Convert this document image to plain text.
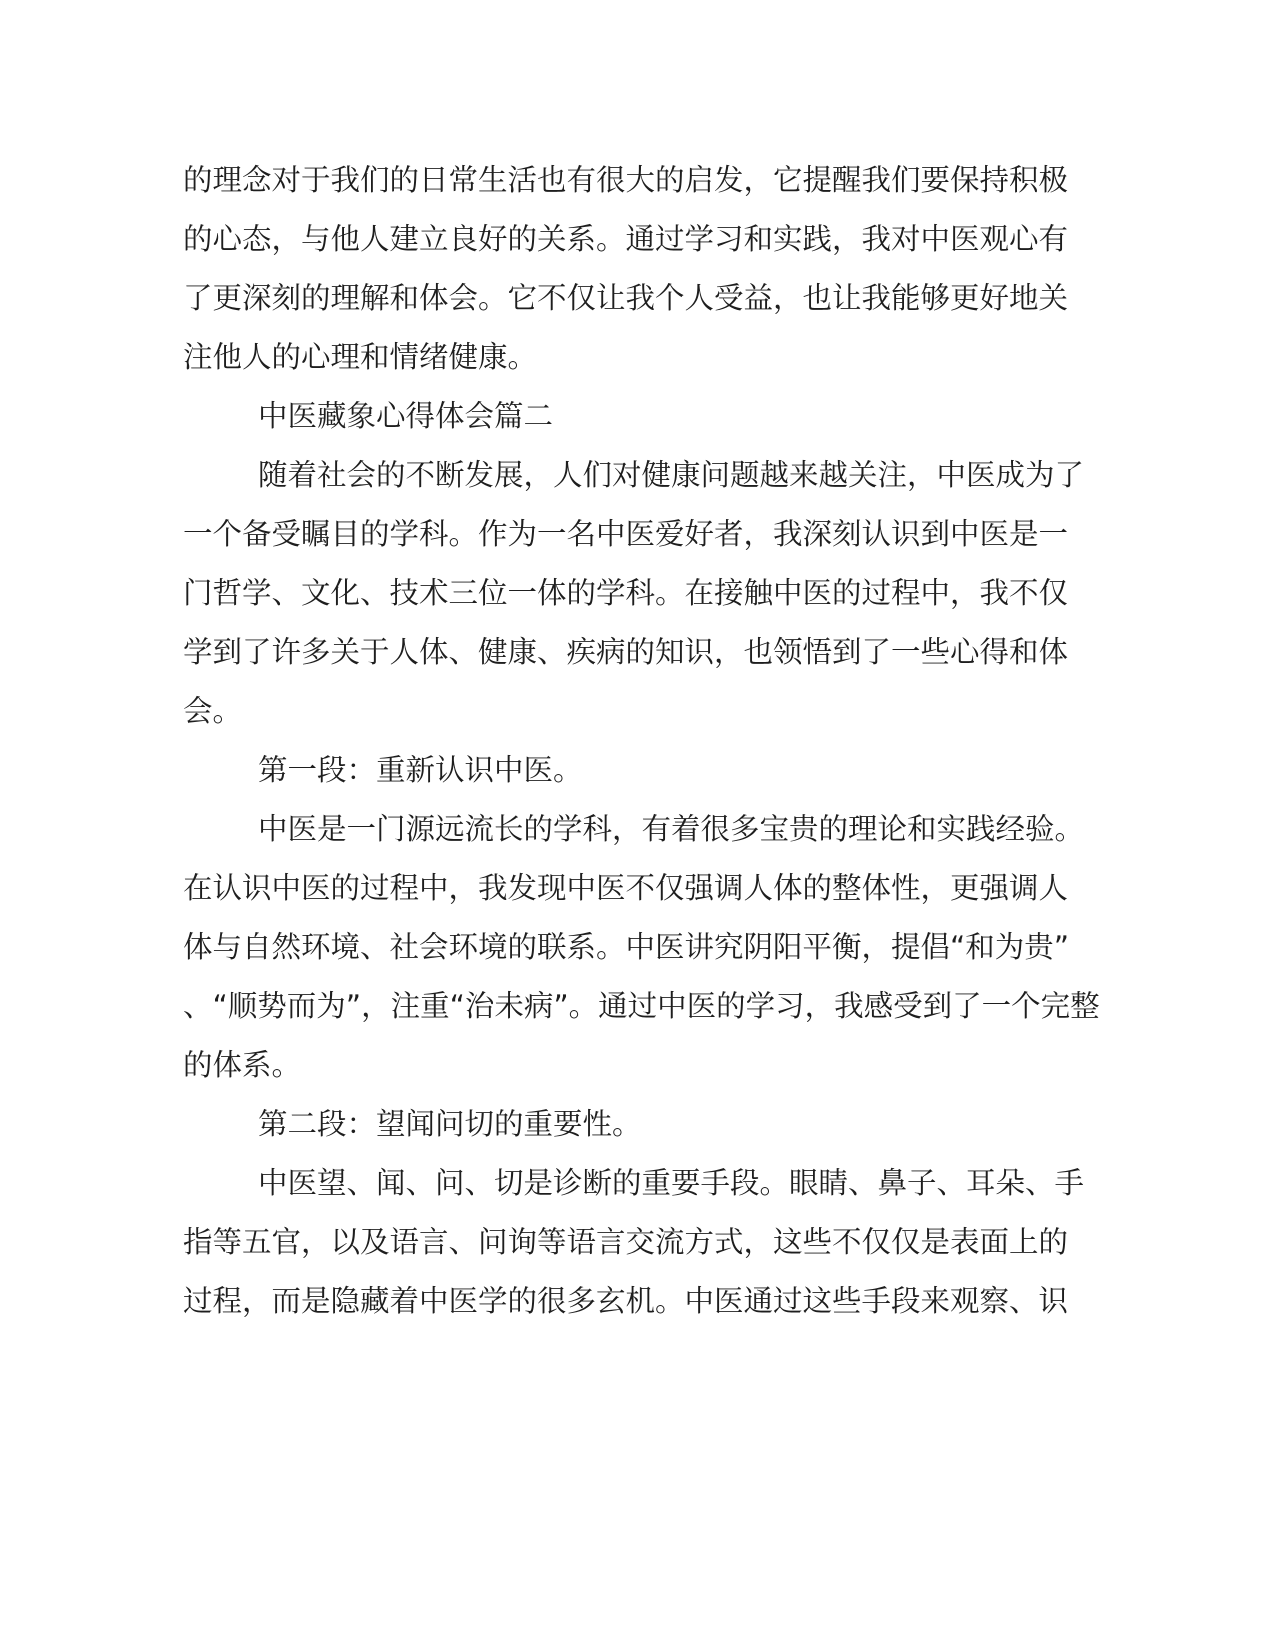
的理念对于我们的日常生活也有很大的启发，它提醒我们要保持积极
的心态，与他人建立良好的关系。通过学习和实践，我对中医观心有
了更深刻的理解和体会。它不仅让我个人受益，也让我能够更好地关
注他人的心理和情绪健康。
中医藏象心得体会篇二
随着社会的不断发展，人们对健康问题越来越关注，中医成为了
一个备受瞩目的学科。作为一名中医爱好者，我深刻认识到中医是一
门哲学、文化、技术三位一体的学科。在接触中医的过程中，我不仅
学到了许多关于人体、健康、疾病的知识，也领悟到了一些心得和体
会。
第一段：重新认识中医。
中医是一门源远流长的学科，有着很多宝贵的理论和实践经验。
在认识中医的过程中，我发现中医不仅强调人体的整体性，更强调人
体与自然环境、社会环境的联系。中医讲究阴阳平衡，提倡“和为贵”
、“顺势而为”，注重“治未病”。通过中医的学习，我感受到了一个完整
的体系。
第二段：望闻问切的重要性。
中医望、闻、问、切是诊断的重要手段。眼睛、鼻子、耳朵、手
指等五官，以及语言、问询等语言交流方式，这些不仅仅是表面上的
过程，而是隐藏着中医学的很多玄机。中医通过这些手段来观察、识
